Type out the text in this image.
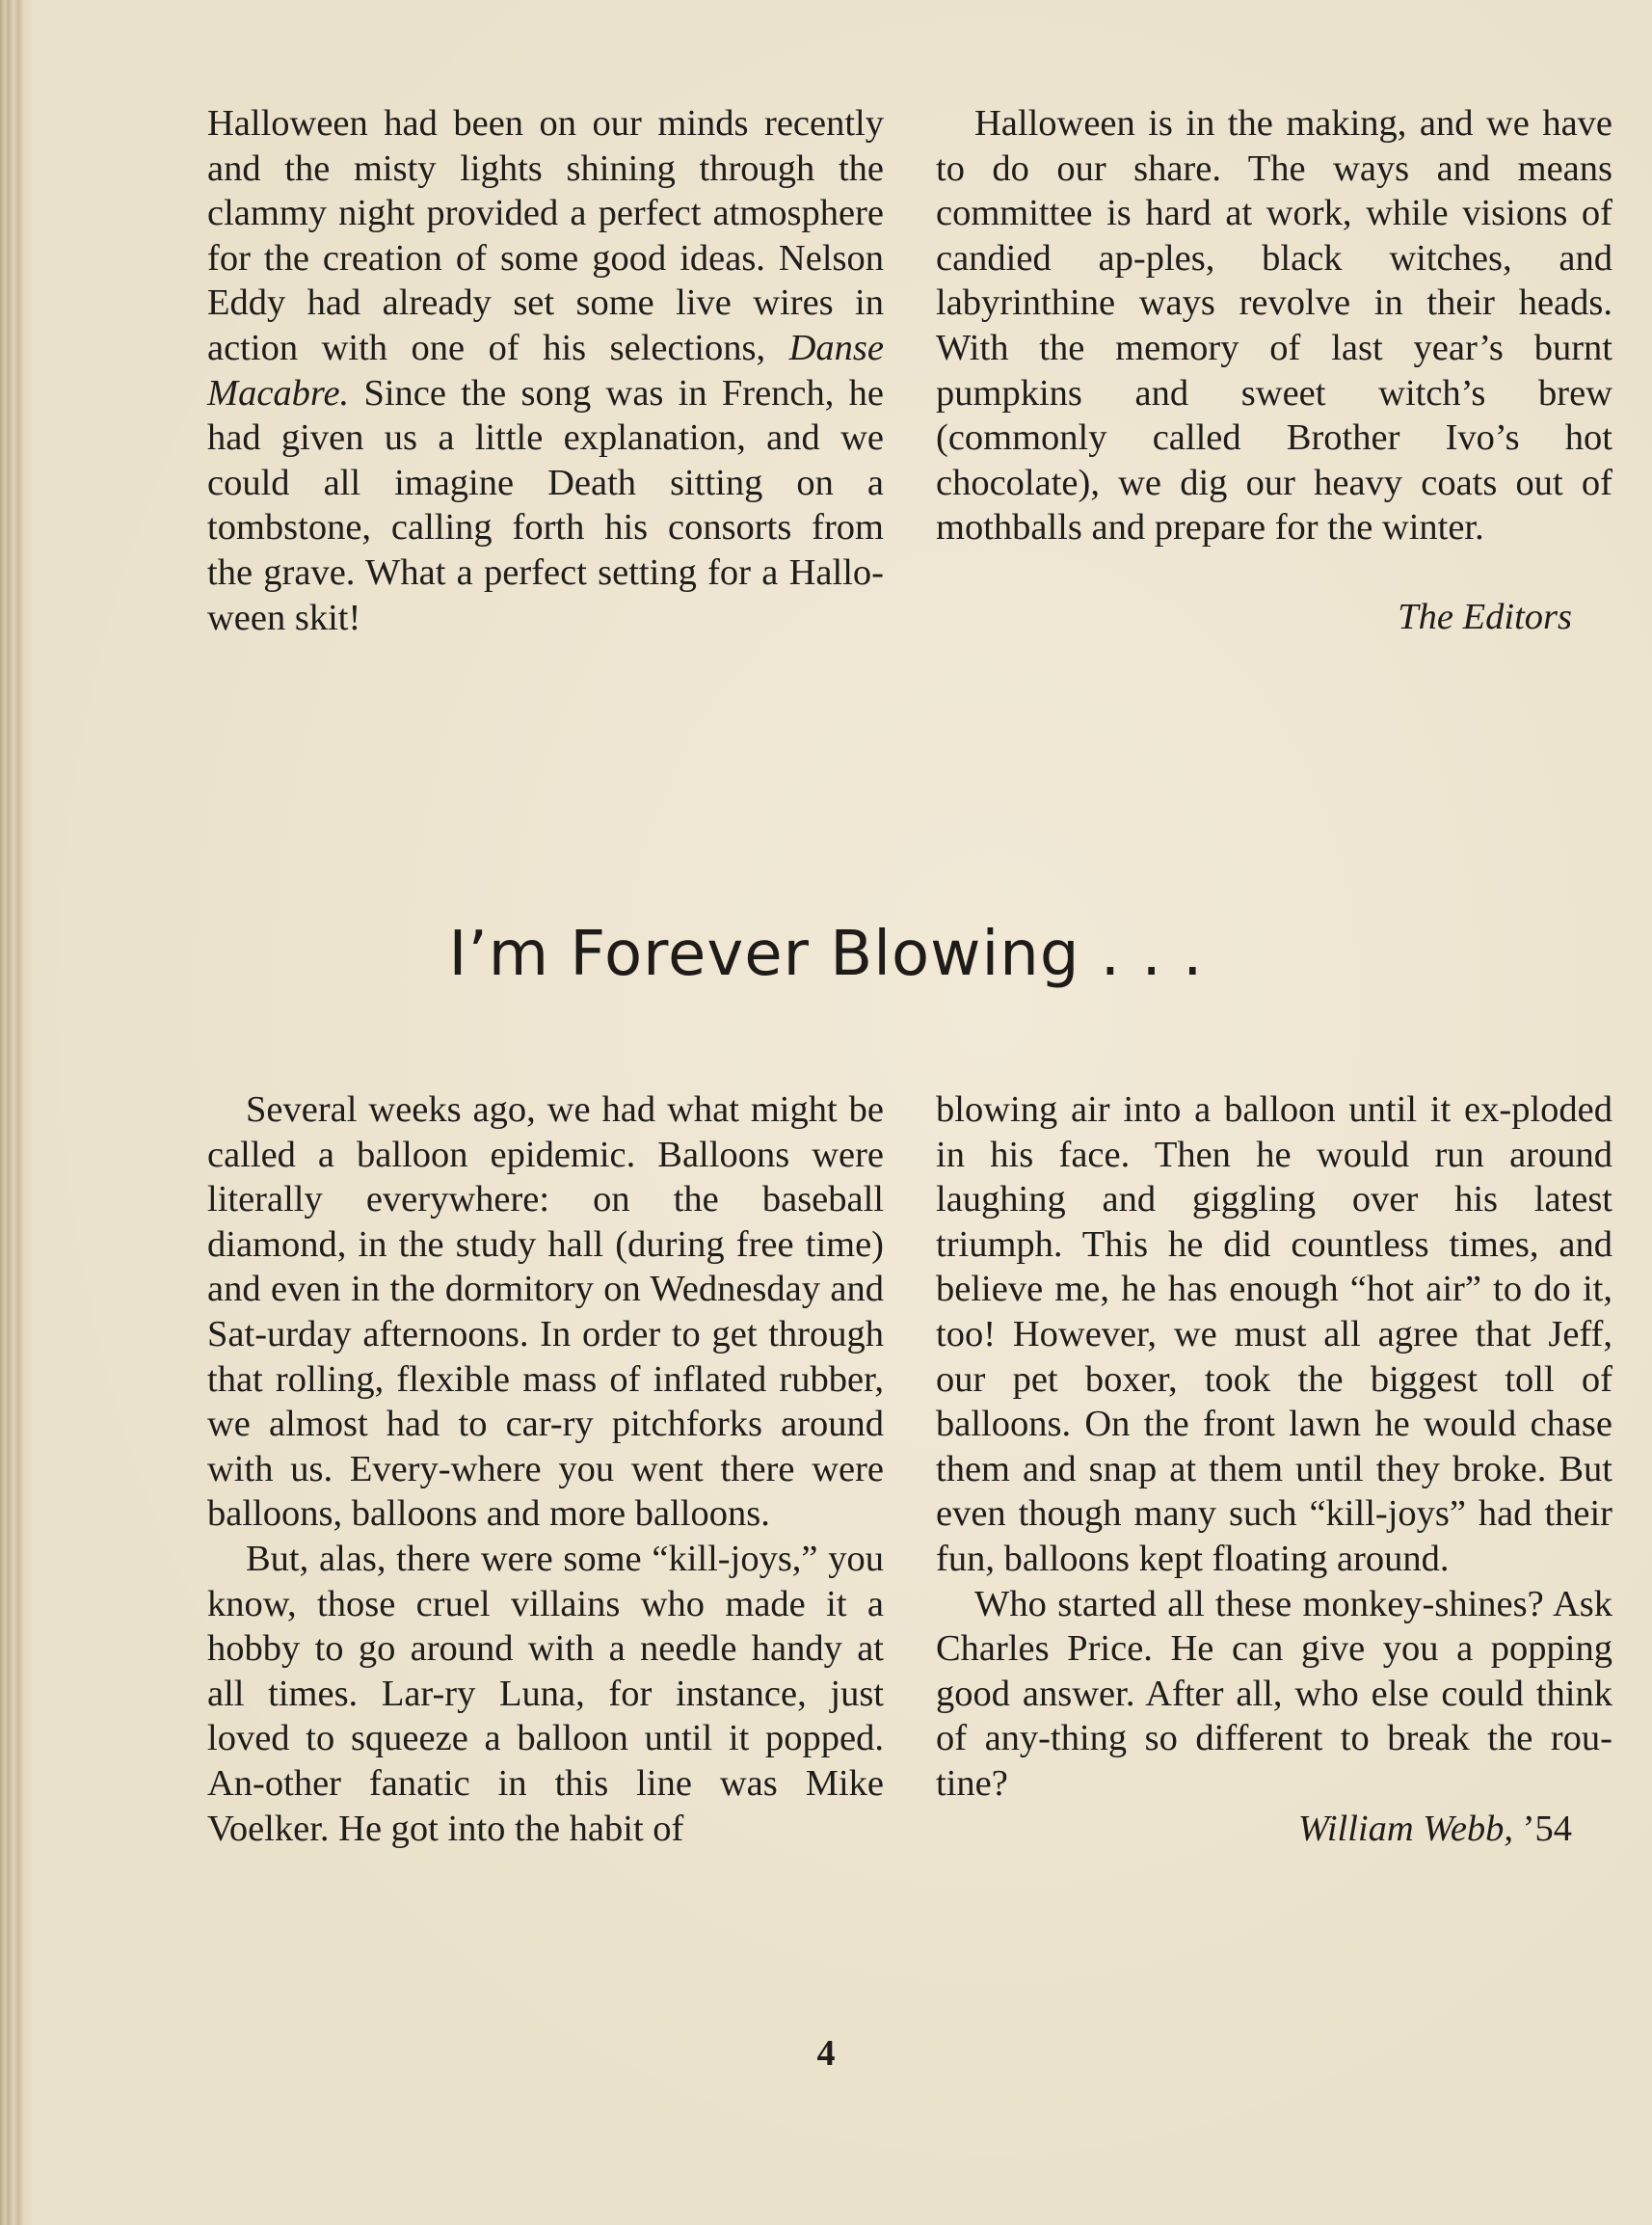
Halloween had been on our minds recently and the misty lights shining through the clammy night provided a perfect atmosphere for the creation of some good ideas. Nelson Eddy had already set some live wires in action with one of his selections, Danse Macabre. Since the song was in French, he had given us a little explanation, and we could all imagine Death sitting on a tombstone, calling forth his consorts from the grave. What a perfect setting for a Hallo-ween skit!

Halloween is in the making, and we have to do our share. The ways and means committee is hard at work, while visions of candied ap-ples, black witches, and labyrinthine ways revolve in their heads. With the memory of last year’s burnt pumpkins and sweet witch’s brew (commonly called Brother Ivo’s hot chocolate), we dig our heavy coats out of mothballs and prepare for the winter.

The Editors

I’m Forever Blowing . . .

Several weeks ago, we had what might be called a balloon epidemic. Balloons were literally everywhere: on the baseball diamond, in the study hall (during free time) and even in the dormitory on Wednesday and Sat-urday afternoons. In order to get through that rolling, flexible mass of inflated rubber, we almost had to car-ry pitchforks around with us. Every-where you went there were balloons, balloons and more balloons.

But, alas, there were some “kill-joys,” you know, those cruel villains who made it a hobby to go around with a needle handy at all times. Lar-ry Luna, for instance, just loved to squeeze a balloon until it popped. An-other fanatic in this line was Mike Voelker. He got into the habit of

blowing air into a balloon until it ex-ploded in his face. Then he would run around laughing and giggling over his latest triumph. This he did countless times, and believe me, he has enough “hot air” to do it, too! However, we must all agree that Jeff, our pet boxer, took the biggest toll of balloons. On the front lawn he would chase them and snap at them until they broke. But even though many such “kill-joys” had their fun, balloons kept floating around.

Who started all these monkey-shines? Ask Charles Price. He can give you a popping good answer. After all, who else could think of any-thing so different to break the rou-tine?

William Webb, ’54

4
